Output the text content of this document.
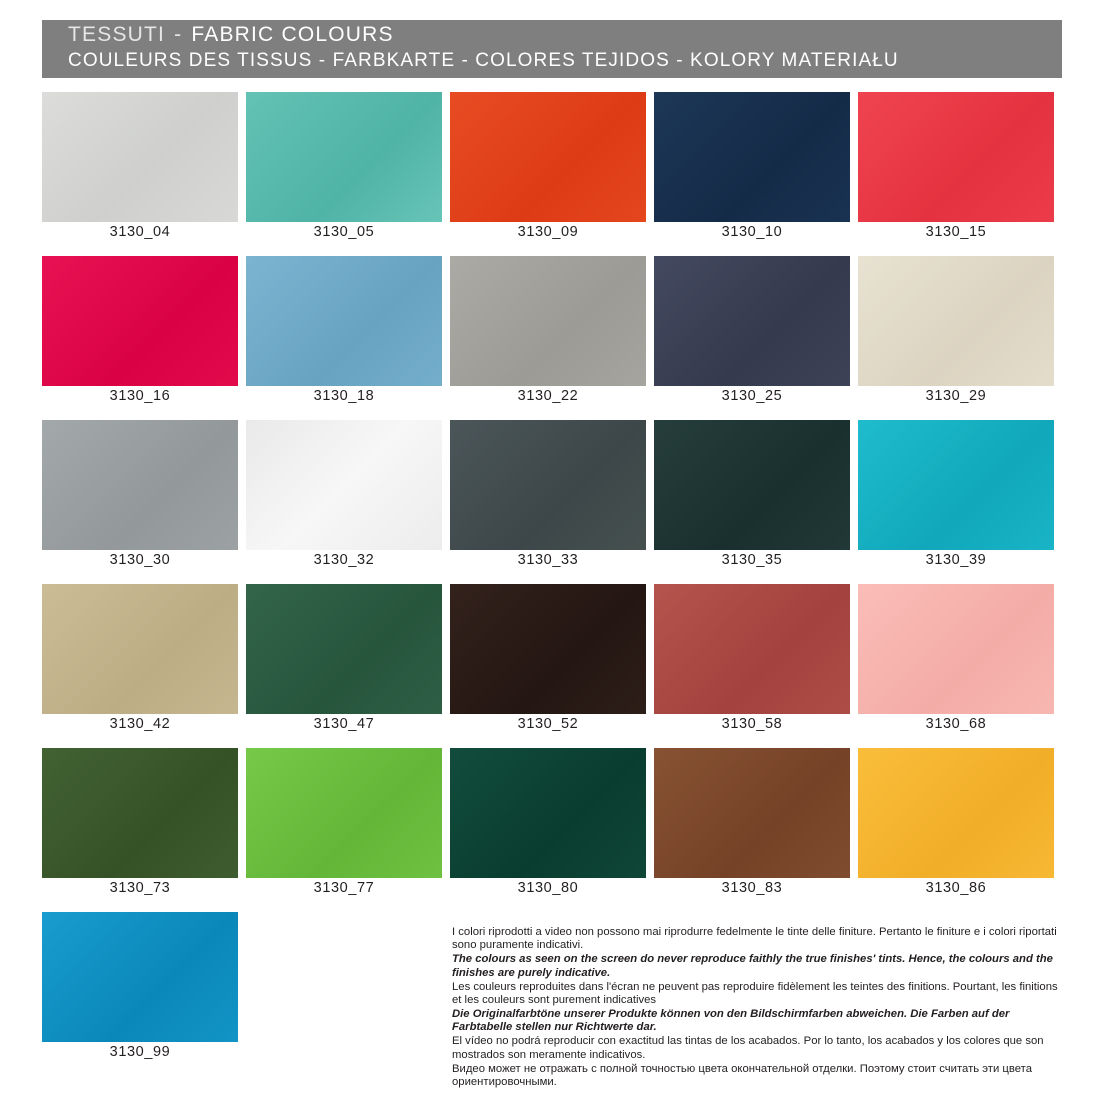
TESSUTI - FABRIC COLOURS
COULEURS DES TISSUS - FARBKARTE - COLORES TEJIDOS - KOLORY MATERIAŁU
3130_04	3130_05	3130_09	3130_10	3130_15
3130_16	3130_18	3130_22	3130_25	3130_29
3130_30	3130_32	3130_33	3130_35	3130_39
3130_42	3130_47	3130_52	3130_58	3130_68
3130_73	3130_77	3130_80	3130_83	3130_86
3130_99

I colori riprodotti a video non possono mai riprodurre fedelmente le tinte delle finiture. Pertanto le finiture e i colori riportati sono puramente indicativi.

The colours as seen on the screen do never reproduce faithly the true finishes' tints. Hence, the colours and the finishes are purely indicative.

Les couleurs reproduites dans l'écran ne peuvent pas reproduire fidèlement les teintes des finitions. Pourtant, les finitions et les couleurs sont purement indicatives

Die Originalfarbtöne unserer Produkte können von den Bildschirmfarben abweichen. Die Farben auf der Farbtabelle stellen nur Richtwerte dar.

El vídeo no podrá reproducir con exactitud las tintas de los acabados. Por lo tanto, los acabados y los colores que son mostrados son meramente indicativos.

Видео может не отражать с полной точностью цвета окончательной отделки. Поэтому стоит считать эти цвета ориентировочными.
